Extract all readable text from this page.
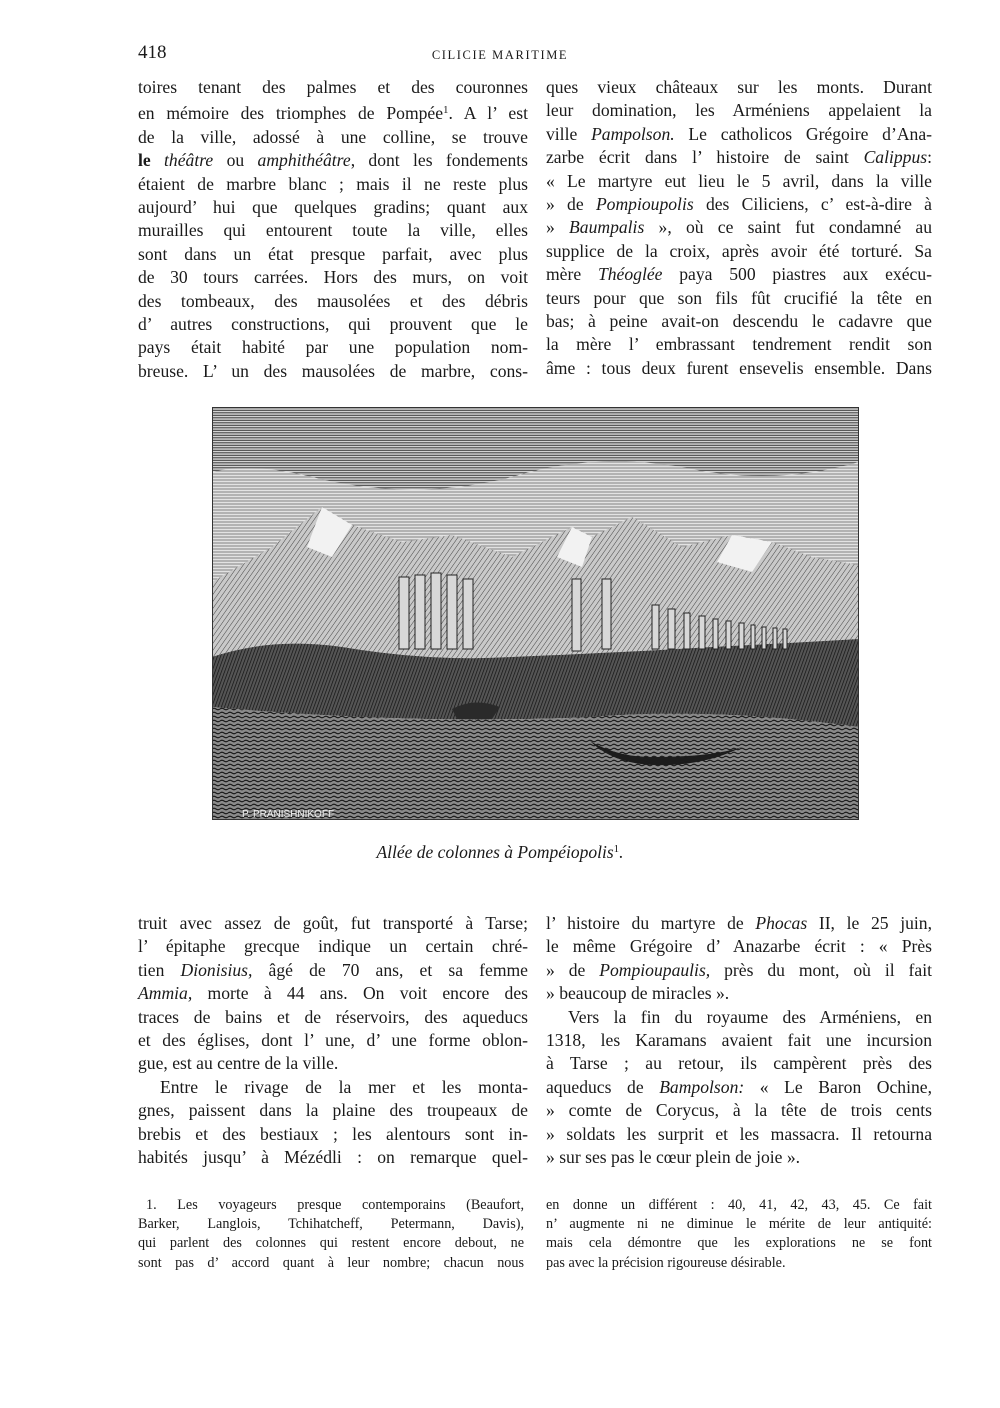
418	CILICIE MARITIME
toires tenant des palmes et des couronnes
en mémoire des triomphes de Pompée$^1$. A l’ est
de la ville, adossé à une colline, se trouve
le théâtre ou amphithéâtre, dont les fondements
étaient de marbre blanc ; mais il ne reste plus
aujourd’ hui que quelques gradins; quant aux
murailles qui entourent toute la ville, elles
sont dans un état presque parfait, avec plus
de 30 tours carrées. Hors des murs, on voit
des tombeaux, des mausolées et des débris
d’ autres constructions, qui prouvent que le
pays était habité par une population nom-
breuse. L’ un des mausolées de marbre, cons-
ques vieux châteaux sur les monts. Durant
leur domination, les Arméniens appelaient la
ville Pampolson. Le catholicos Grégoire d’Ana-
zarbe écrit dans l’ histoire de saint Calippus:
« Le martyre eut lieu le 5 avril, dans la ville
» de Pompioupolis des Ciliciens, c’ est-à-dire à
» Baumpalis », où ce saint fut condamné au
supplice de la croix, après avoir été torturé. Sa
mère Théoglée paya 500 piastres aux exécu-
teurs pour que son fils fût crucifié la tête en
bas; à peine avait-on descendu le cadavre que
la mère l’ embrassant tendrement rendit son
âme : tous deux furent ensevelis ensemble. Dans
P. PRANISHNIKOFF
Allée de colonnes à Pompéiopolis$^1$.
truit avec assez de goût, fut transporté à Tarse;
l’ épitaphe grecque indique un certain chré-
tien Dionisius, âgé de 70 ans, et sa femme
Ammia, morte à 44 ans. On voit encore des
traces de bains et de réservoirs, des aqueducs
et des églises, dont l’ une, d’ une forme oblon-
gue, est au centre de la ville.
Entre le rivage de la mer et les monta-
gnes, paissent dans la plaine des troupeaux de
brebis et des bestiaux ; les alentours sont in-
habités jusqu’ à Mézédli : on remarque quel-
l’ histoire du martyre de Phocas II, le 25 juin,
le même Grégoire d’ Anazarbe écrit : « Près
» de Pompioupaulis, près du mont, où il fait
» beaucoup de miracles ».
Vers la fin du royaume des Arméniens, en
1318, les Karamans avaient fait une incursion
à Tarse ; au retour, ils campèrent près des
aqueducs de Bampolson: « Le Baron Ochine,
» comte de Corycus, à la tête de trois cents
» soldats les surprit et les massacra. Il retourna
» sur ses pas le cœur plein de joie ».
1. Les voyageurs presque contemporains (Beaufort,
Barker, Langlois, Tchihatcheff, Petermann, Davis),
qui parlent des colonnes qui restent encore debout, ne
sont pas d’ accord quant à leur nombre; chacun nous
en donne un différent : 40, 41, 42, 43, 45. Ce fait
n’ augmente ni ne diminue le mérite de leur antiquité:
mais cela démontre que les explorations ne se font
pas avec la précision rigoureuse désirable.
